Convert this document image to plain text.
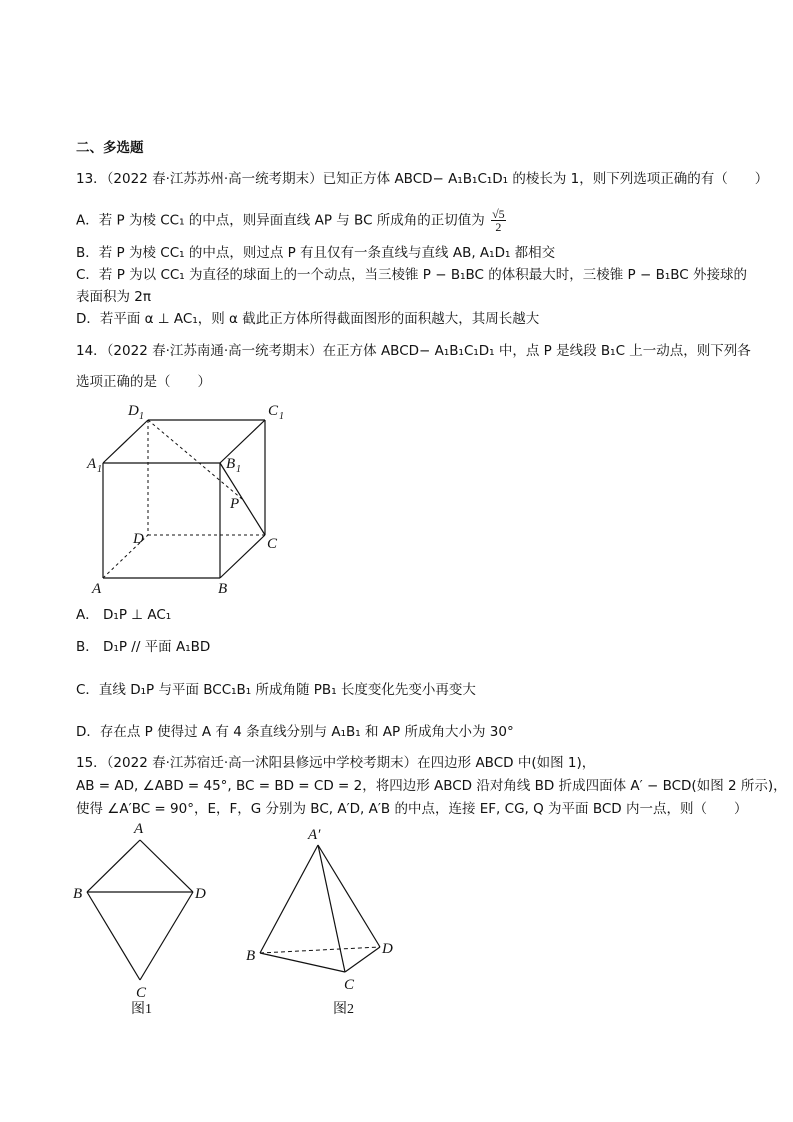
二、多选题
13．（2022 春·江苏苏州·高一统考期末）已知正方体 ABCD− A₁B₁C₁D₁ 的棱长为 1，则下列选项正确的有（　　）
A．若 P 为棱 CC₁ 的中点，则异面直线 AP 与 BC 所成角的正切值为 $\frac{√5}{2}$
B．若 P 为棱 CC₁ 的中点，则过点 P 有且仅有一条直线与直线 AB, A₁D₁ 都相交
C．若 P 为以 CC₁ 为直径的球面上的一个动点，当三棱锥 P − B₁BC 的体积最大时，三棱锥 P − B₁BC 外接球的
表面积为 2π
D．若平面 α ⊥ AC₁，则 α 截此正方体所得截面图形的面积越大，其周长越大
14．（2022 春·江苏南通·高一统考期末）在正方体 ABCD− A₁B₁C₁D₁ 中，点 P 是线段 B₁C 上一动点，则下列各
选项正确的是（　　）
D 1	C 1
A 1	B 1
P
D	C
A	B
A． D₁P ⊥ AC₁
B． D₁P // 平面 A₁BD
C．直线 D₁P 与平面 BCC₁B₁ 所成角随 PB₁ 长度变化先变小再变大
D．存在点 P 使得过 A 有 4 条直线分别与 A₁B₁ 和 AP 所成角大小为 30°
15．（2022 春·江苏宿迁·高一沭阳县修远中学校考期末）在四边形 ABCD 中(如图 1)，
AB = AD, ∠ABD = 45°, BC = BD = CD = 2，将四边形 ABCD 沿对角线 BD 折成四面体 A′ − BCD(如图 2 所示)，
使得 ∠A′BC = 90°，E，F，G 分别为 BC, A′D, A′B 的中点，连接 EF, CG, Q 为平面 BCD 内一点，则（　　）
A
B	D
C
图1
A′
B	D
C
图2
